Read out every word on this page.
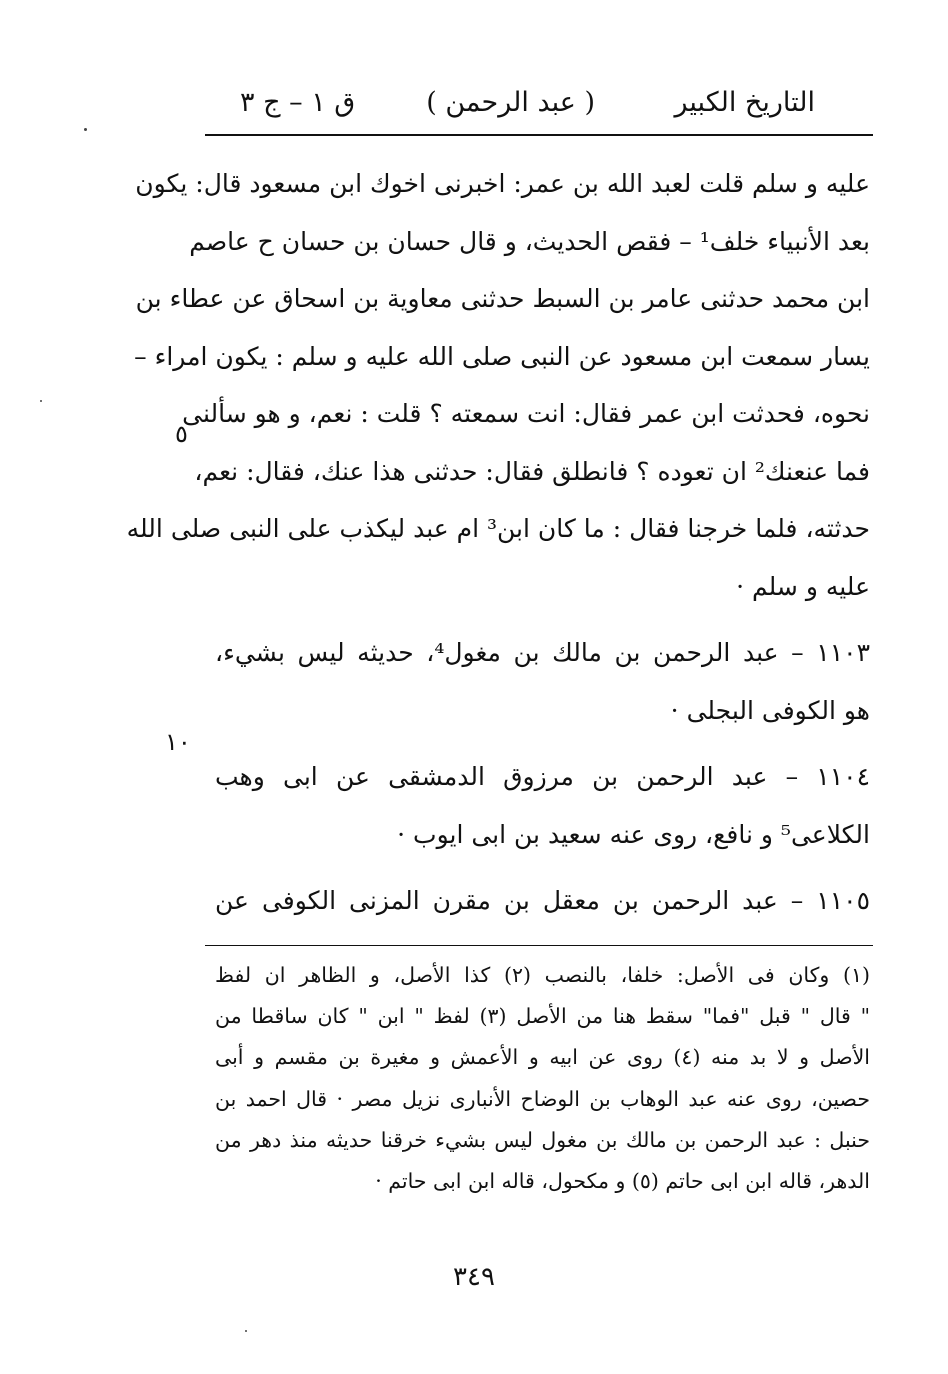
التاريخ الكبير
( عبد الرحمن )
ق ١ – ج ٣
عليه و سلم قلت لعبد الله بن عمر: اخبرنى اخوك ابن مسعود قال: يكون
بعد الأنبياء خلف¹ – فقص الحديث، و قال حسان بن حسان ح عاصم
ابن محمد حدثنى عامر بن السبط حدثنى معاوية بن اسحاق عن عطاء بن
يسار سمعت ابن مسعود عن النبى صلى الله عليه و سلم : يكون امراء –
نحوه، فحدثت ابن عمر فقال: انت سمعته ؟ قلت : نعم، و هو سألنى
فما عنعنك² ان تعوده ؟ فانطلق فقال: حدثنى هذا عنك، فقال: نعم،
حدثته، فلما خرجنا فقال : ما كان ابن³ ام عبد ليكذب على النبى صلى الله
عليه و سلم ·
١١٠٣ – عبد الرحمن بن مالك بن مغول⁴، حديثه ليس بشيء،
هو الكوفى البجلى ·
١١٠٤ – عبد الرحمن بن مرزوق الدمشقى عن ابى وهب
الكلاعى⁵ و نافع، روى عنه سعيد بن ابى ايوب ·
١١٠٥ – عبد الرحمن بن معقل بن مقرن المزنى الكوفى عن
٥
١٠
(١) وكان فى الأصل: خلفا، بالنصب (٢) كذا الأصل، و الظاهر ان لفظ
" قال " قبل "فما" سقط هنا من الأصل (٣) لفظ " ابن " كان ساقطا من
الأصل و لا بد منه (٤) روى عن ابيه و الأعمش و مغيرة بن مقسم و أبى
حصين، روى عنه عبد الوهاب بن الوضاح الأنبارى نزيل مصر · قال احمد بن
حنبل : عبد الرحمن بن مالك بن مغول ليس بشيء خرقنا حديثه منذ دهر من
الدهر، قاله ابن ابى حاتم (٥) و مكحول، قاله ابن ابى حاتم ·
٣٤٩
